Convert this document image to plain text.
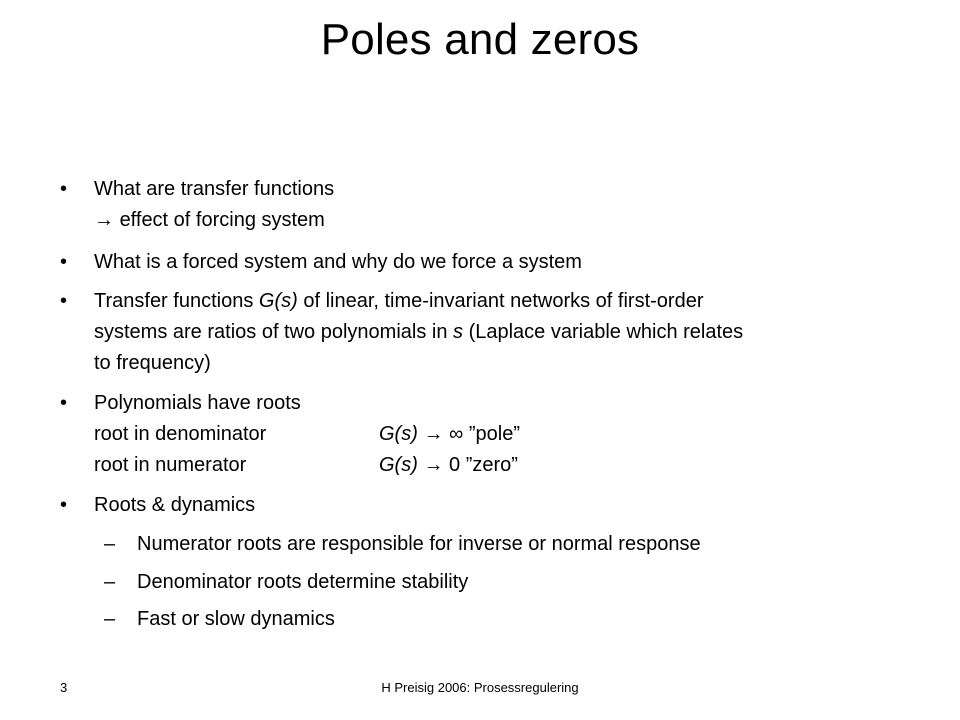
Poles and zeros
• What are transfer functions
→ effect of forcing system
• What is a forced system and why do we force a system
• Transfer functions G(s) of linear, time-invariant networks of first-order
systems are ratios of two polynomials in s (Laplace variable which relates
to frequency)
• Polynomials have roots
root in denominator	G(s) → ∞ ”pole”
root in numerator	G(s) → 0 ”zero”
• Roots & dynamics
– Numerator roots are responsible for inverse or normal response
– Denominator roots determine stability
– Fast or slow dynamics
H Preisig 2006: Prosessregulering
3
